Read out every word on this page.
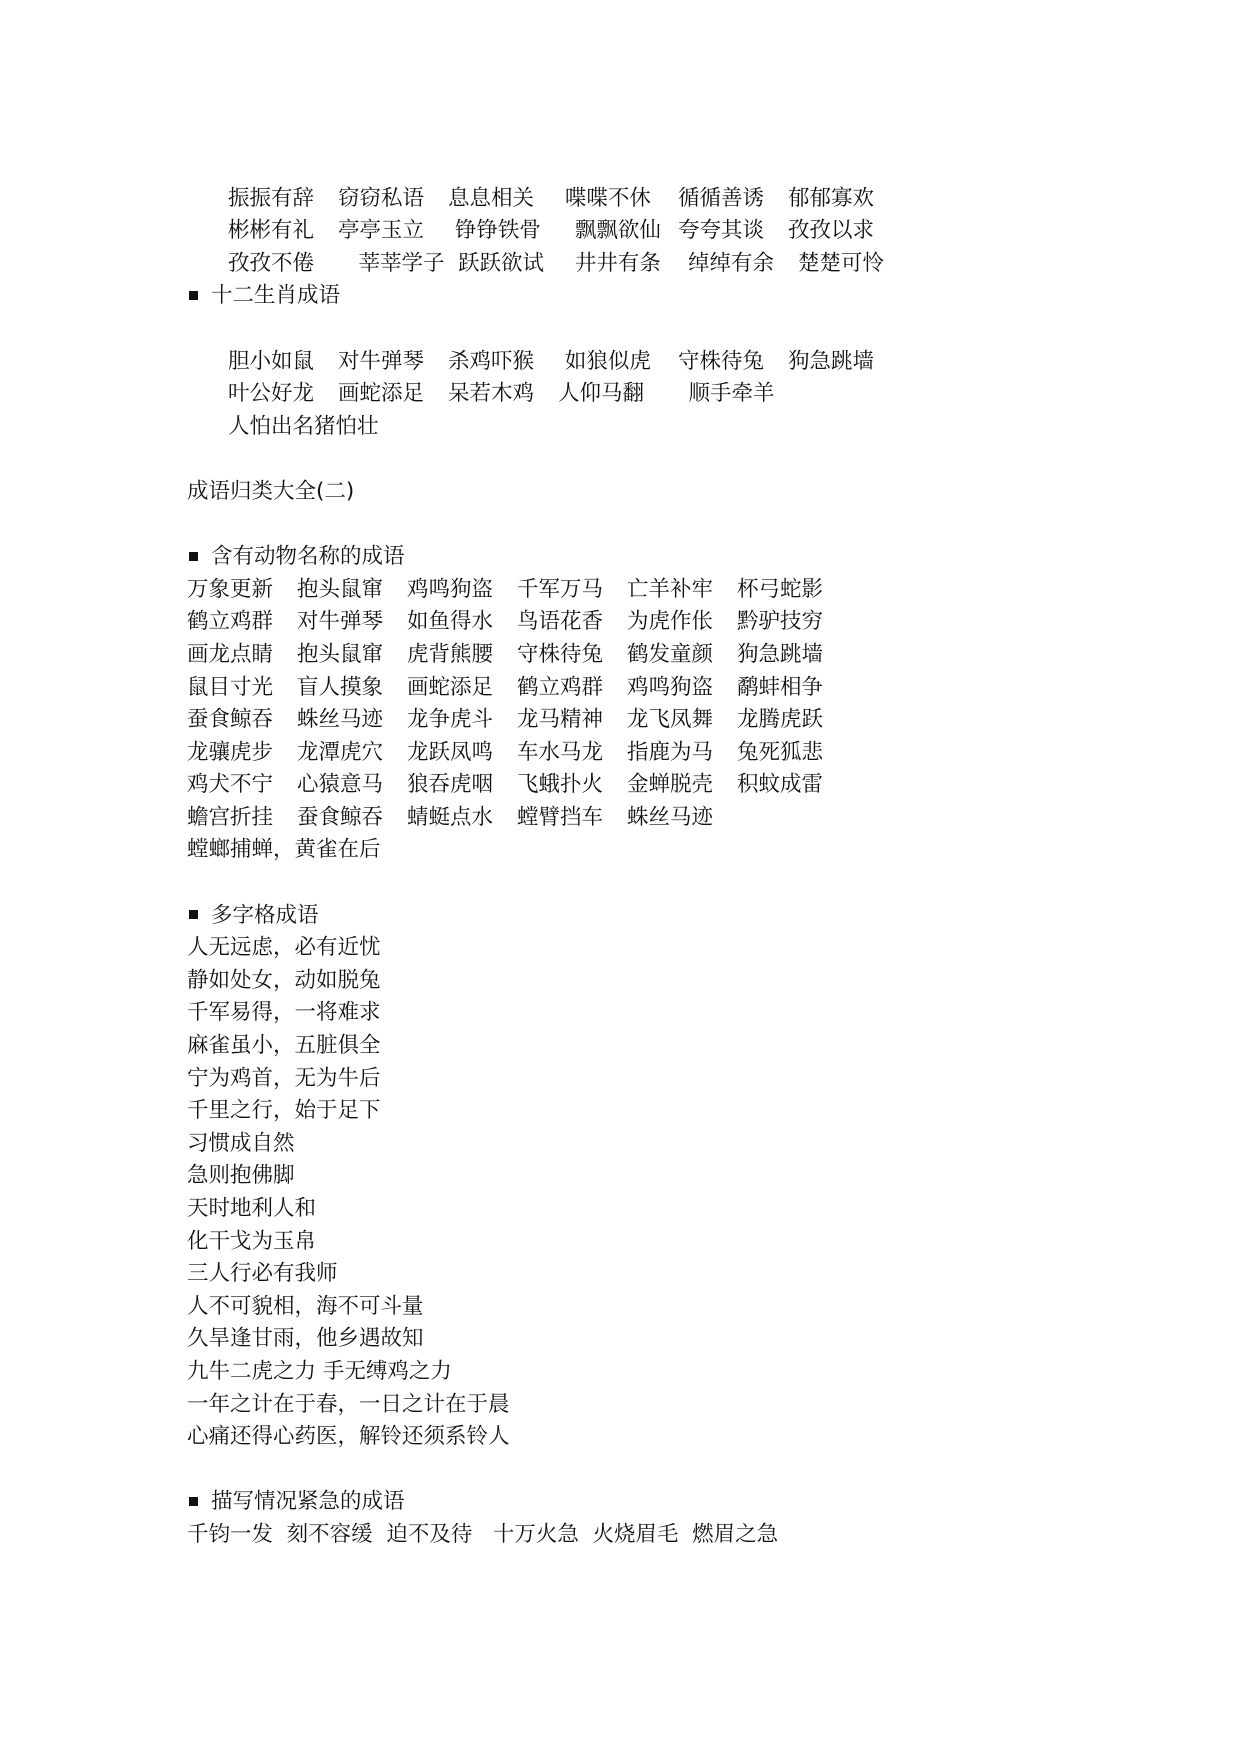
振振有辞 窃窃私语 息息相关 喋喋不休 循循善诱 郁郁寡欢

彬彬有礼 亭亭玉立 铮铮铁骨 飘飘欲仙 夸夸其谈 孜孜以求

孜孜不倦   莘莘学子 跃跃欲试 井井有条 绰绰有余 楚楚可怜

十二生肖成语

胆小如鼠 对牛弹琴 杀鸡吓猴 如狼似虎 守株待兔 狗急跳墙

叶公好龙 画蛇添足 呆若木鸡 人仰马翻   顺手牵羊

人怕出名猪怕壮

成语归类大全(二)
含有动物名称的成语
万象更新 抱头鼠窜 鸡鸣狗盗 千军万马 亡羊补牢 杯弓蛇影
鹤立鸡群 对牛弹琴 如鱼得水 鸟语花香 为虎作伥 黔驴技穷
画龙点睛 抱头鼠窜 虎背熊腰 守株待兔 鹤发童颜 狗急跳墙
鼠目寸光 盲人摸象 画蛇添足 鹤立鸡群 鸡鸣狗盗 鹬蚌相争
蚕食鲸吞 蛛丝马迹 龙争虎斗 龙马精神 龙飞凤舞 龙腾虎跃
龙骧虎步 龙潭虎穴 龙跃凤鸣 车水马龙 指鹿为马 兔死狐悲
鸡犬不宁 心猿意马 狼吞虎咽 飞蛾扑火 金蝉脱壳 积蚊成雷
蟾宫折挂 蚕食鲸吞 蜻蜓点水 螳臂挡车 蛛丝马迹
螳螂捕蝉，黄雀在后
多字格成语
人无远虑，必有近忧
静如处女，动如脱兔
千军易得，一将难求
麻雀虽小，五脏俱全
宁为鸡首，无为牛后
千里之行，始于足下
习惯成自然
急则抱佛脚
天时地利人和
化干戈为玉帛
三人行必有我师
人不可貌相，海不可斗量
久旱逢甘雨，他乡遇故知
九牛二虎之力 手无缚鸡之力
一年之计在于春，一日之计在于晨
心痛还得心药医，解铃还须系铃人
描写情况紧急的成语
千钧一发  刻不容缓  迫不及待   十万火急  火烧眉毛  燃眉之急
